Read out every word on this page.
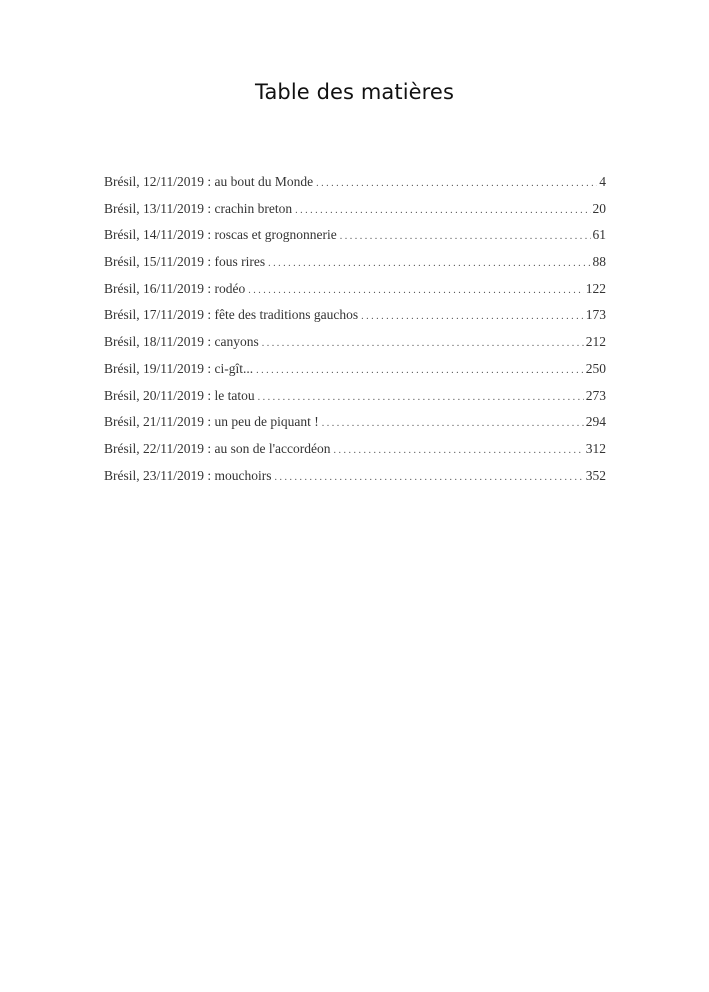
Table des matières
Brésil, 12/11/2019 : au bout du Monde . . .	4
Brésil, 13/11/2019 : crachin breton . . .	20
Brésil, 14/11/2019 : roscas et grognonnerie . . .	61
Brésil, 15/11/2019 : fous rires . . .	88
Brésil, 16/11/2019 : rodéo . . .	122
Brésil, 17/11/2019 : fête des traditions gauchos . . .	173
Brésil, 18/11/2019 : canyons . . .	212
Brésil, 19/11/2019 : ci-gît... . . .	250
Brésil, 20/11/2019 : le tatou . . .	273
Brésil, 21/11/2019 : un peu de piquant ! . . .	294
Brésil, 22/11/2019 : au son de l'accordéon . . .	312
Brésil, 23/11/2019 : mouchoirs . . .	352
